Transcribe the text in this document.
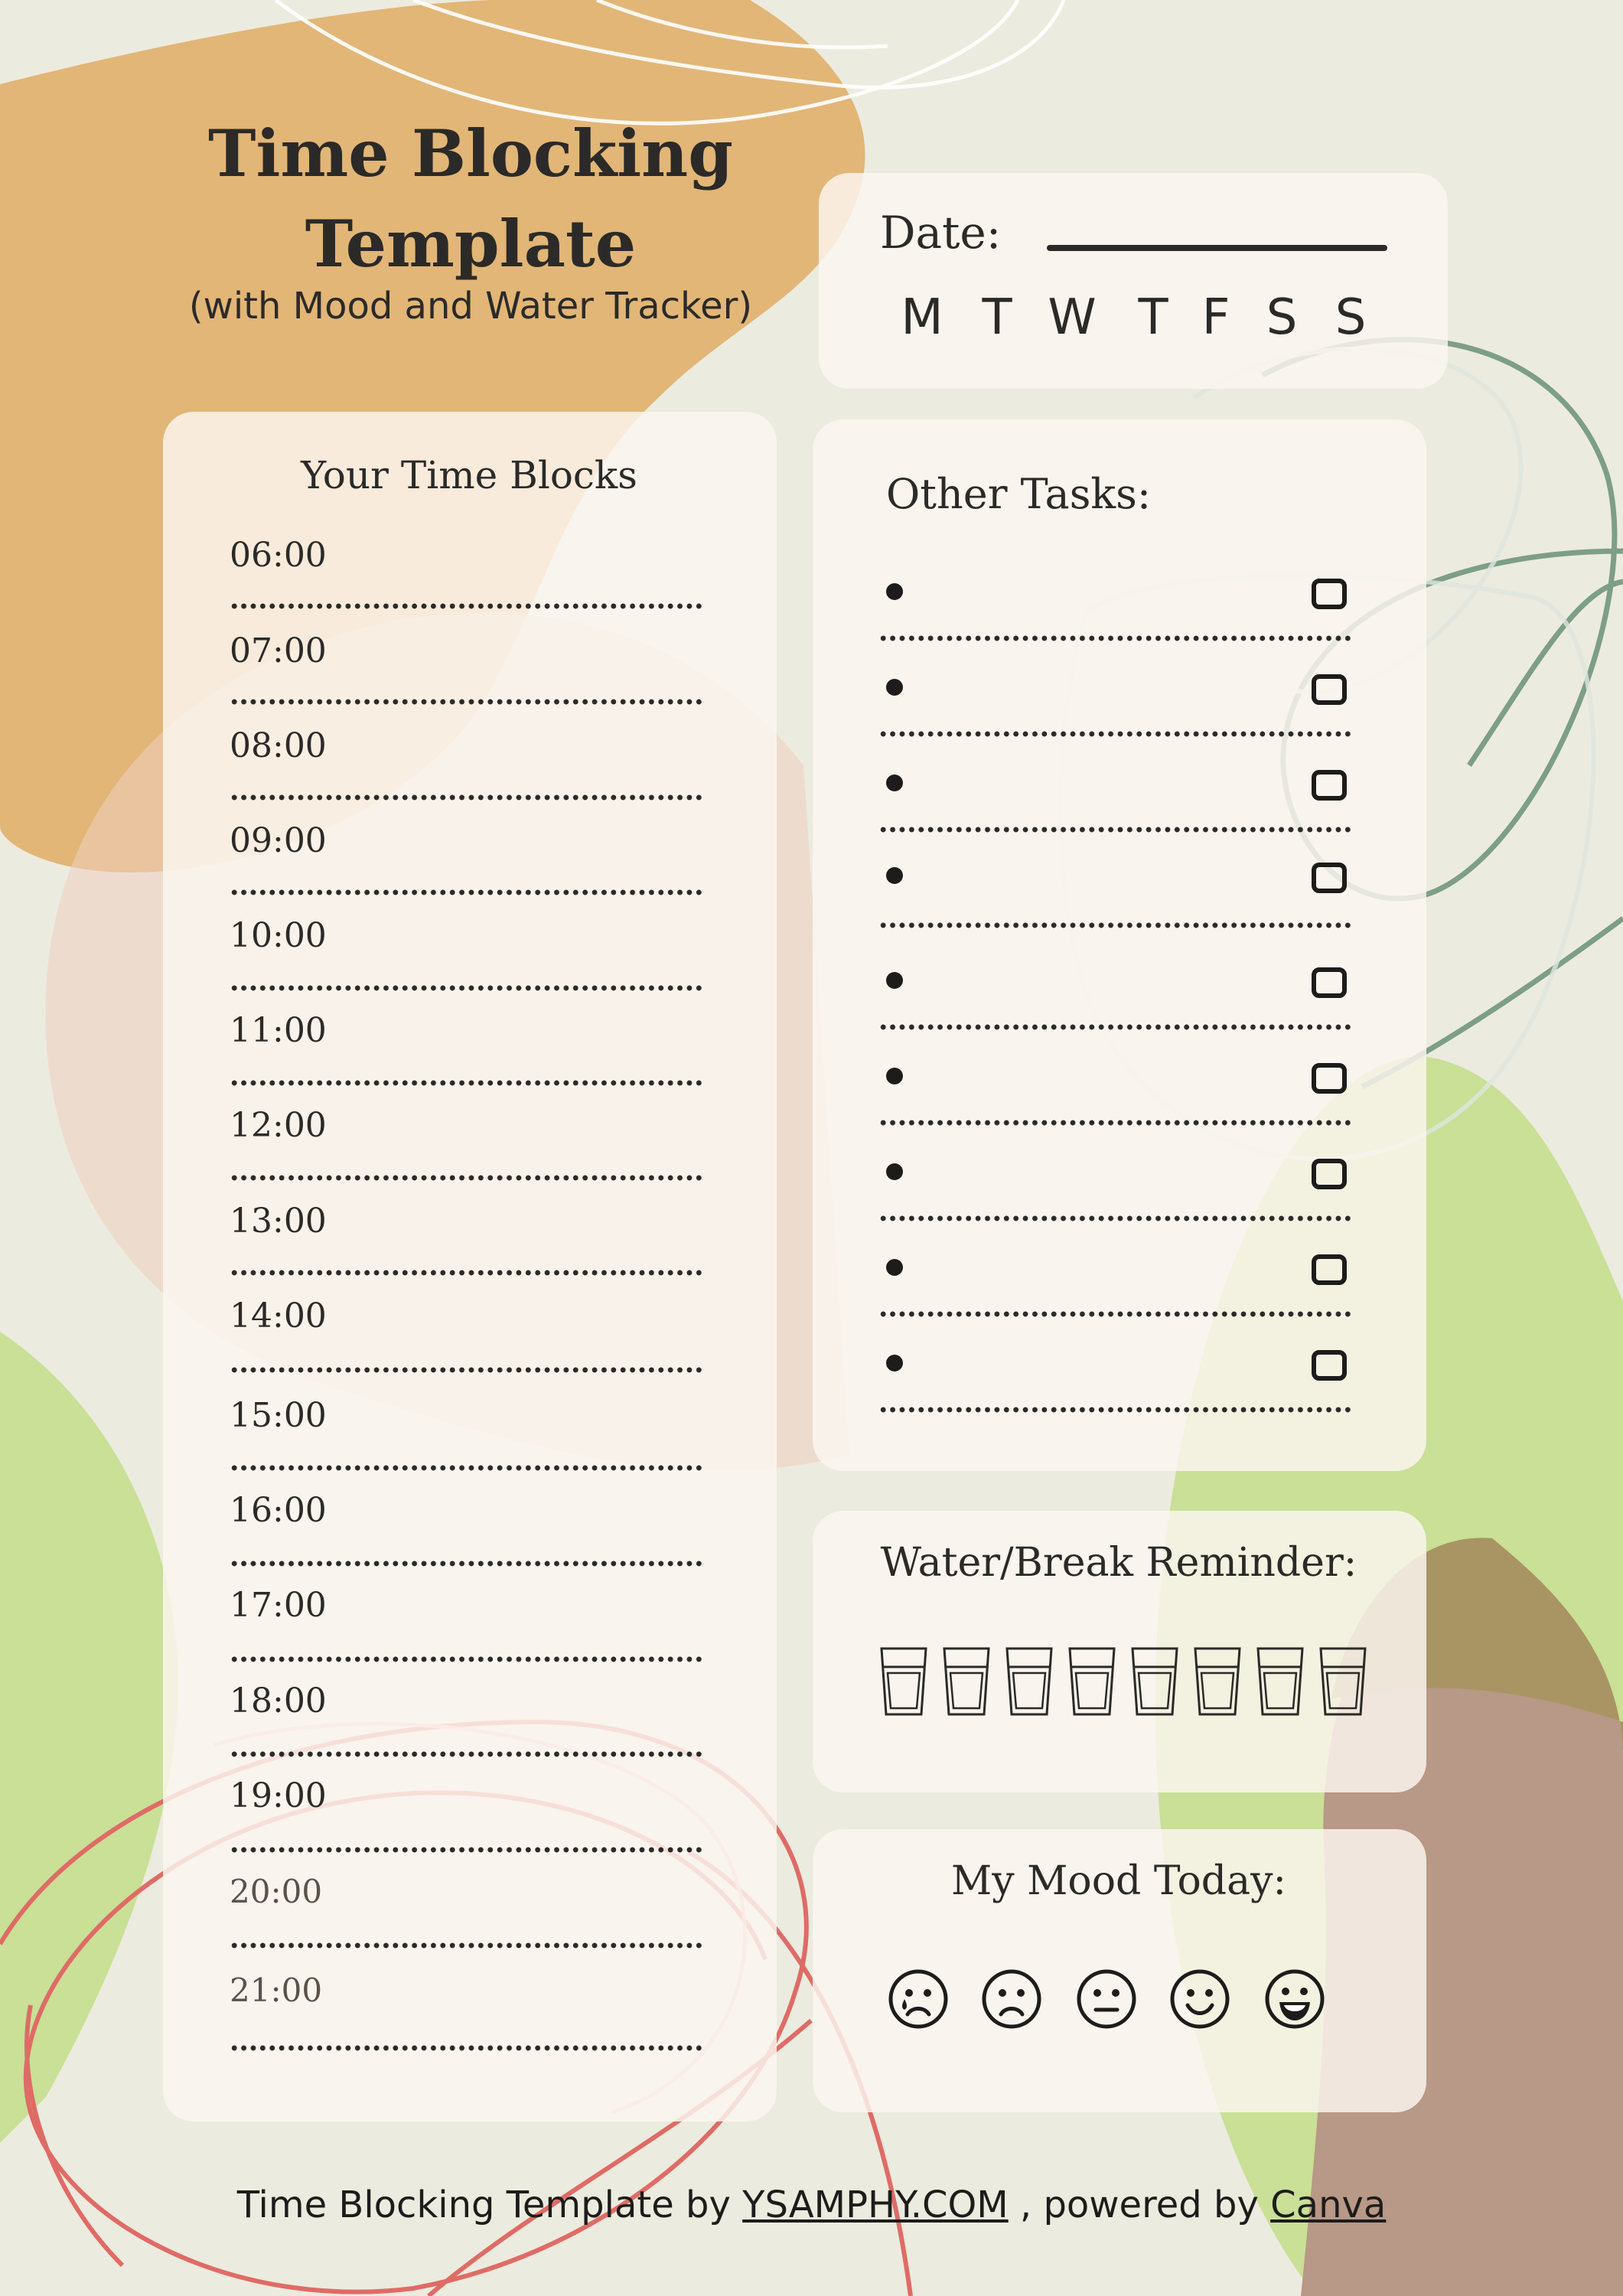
Time Blocking
Template
(with Mood and Water Tracker)
Date:
M T W T F S S
Your Time Blocks
06:00
07:00
08:00
09:00
10:00
11:00
12:00
13:00
14:00
15:00
16:00
17:00
18:00
19:00
20:00
21:00
Other Tasks:
Water/Break Reminder:
My Mood Today:
Time Blocking Template by YSAMPHY.COM , powered by Canva
